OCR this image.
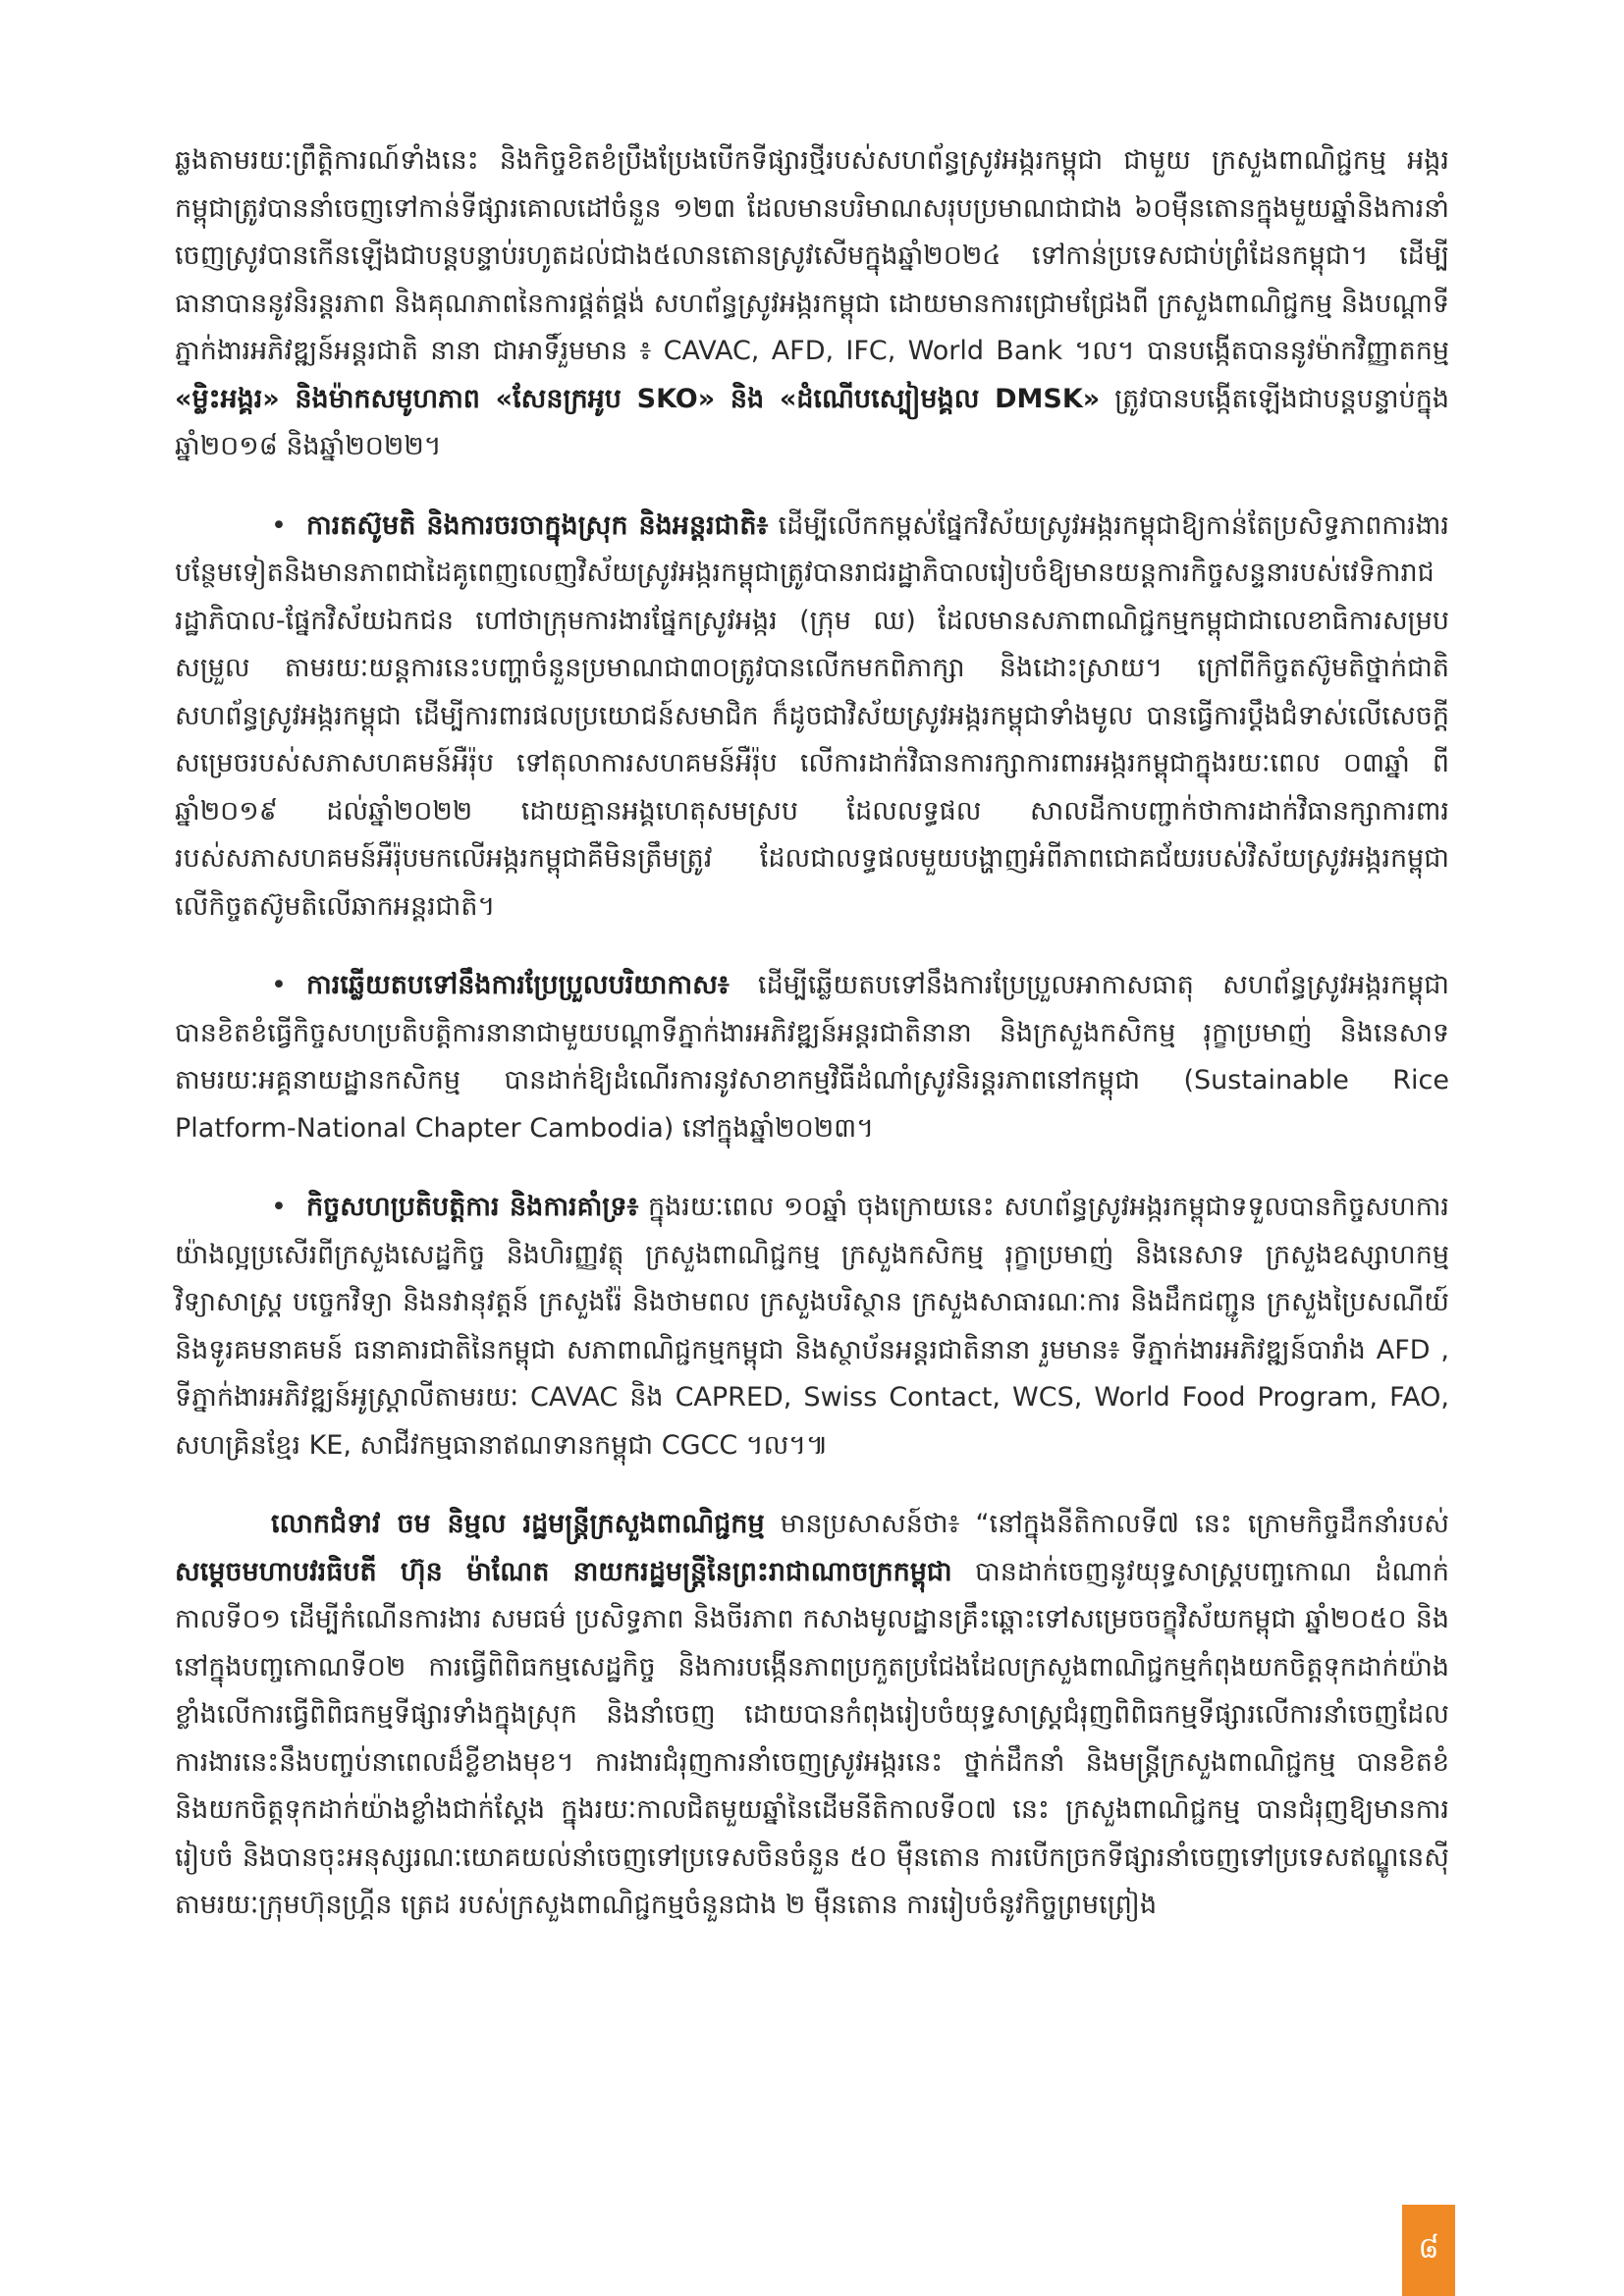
ឆ្លងតាមរយៈព្រឹត្តិការណ៍ទាំងនេះ និងកិច្ចខិតខំប្រឹងប្រែងបើកទីផ្សារថ្មីរបស់សហព័ន្ធស្រូវអង្ករកម្ពុជា ជាមួយ ក្រសួងពាណិជ្ជកម្ម អង្ករកម្ពុជាត្រូវបាននាំចេញទៅកាន់ទីផ្សារគោលដៅចំនួន ១២៣ ដែលមានបរិមាណសរុបប្រមាណជាជាង ៦០ម៉ឺនតោនក្នុងមួយឆ្នាំនិងការនាំចេញស្រូវបានកើនឡើងជាបន្តបន្ទាប់រហូតដល់ជាង៥លានតោនស្រូវសើមក្នុងឆ្នាំ២០២៤ ទៅកាន់ប្រទេសជាប់ព្រំដែនកម្ពុជា។ ដើម្បីធានាបាននូវនិរន្តរភាព និងគុណភាពនៃការផ្គត់ផ្គង់ សហព័ន្ធស្រូវអង្ករកម្ពុជា ដោយមានការជ្រោមជ្រែងពី ក្រសួងពាណិជ្ជកម្ម និងបណ្ដាទីភ្នាក់ងារអភិវឌ្ឍន៍អន្តរជាតិ នានា ជាអាទិ៍រួមមាន ៖ CAVAC, AFD, IFC, World Bank ។ល។ បានបង្កើតបាននូវម៉ាកវិញ្ញាតកម្ម «ម្លិះអង្គរ» និងម៉ាកសមូហភាព «សែនក្រអូប SKO» និង «ដំណើបស្បៀមង្គល DMSK» ត្រូវបានបង្កើតឡើងជាបន្តបន្ទាប់ក្នុងឆ្នាំ២០១៨ និងឆ្នាំ២០២២។

• ការតស៊ូមតិ និងការចរចាក្នុងស្រុក និងអន្តរជាតិ៖ ដើម្បីលើកកម្ពស់ផ្នែកវិស័យស្រូវអង្ករកម្ពុជាឱ្យកាន់តែប្រសិទ្ធភាពការងារបន្ថែមទៀតនិងមានភាពជាដៃគូពេញលេញវិស័យស្រូវអង្ករកម្ពុជាត្រូវបានរាជរដ្ឋាភិបាលរៀបចំឱ្យមានយន្តការកិច្ចសន្ទនារបស់វេទិការាជរដ្ឋាភិបាល-ផ្នែកវិស័យឯកជន ហៅថាក្រុមការងារផ្នែកស្រូវអង្ករ (ក្រុម ឈ) ដែលមានសភាពាណិជ្ជកម្មកម្ពុជាជាលេខាធិការសម្របសម្រួល តាមរយៈយន្តការនេះបញ្ហាចំនួនប្រមាណជា៣០ត្រូវបានលើកមកពិភាក្សា និងដោះស្រាយ។ ក្រៅពីកិច្ចតស៊ូមតិថ្នាក់ជាតិ សហព័ន្ធស្រូវអង្ករកម្ពុជា ដើម្បីការពារផលប្រយោជន៍សមាជិក ក៏ដូចជាវិស័យស្រូវអង្ករកម្ពុជាទាំងមូល បានធ្វើការប្ដឹងជំទាស់លើសេចក្ដីសម្រេចរបស់សភាសហគមន៍អឺរ៉ុប ទៅតុលាការសហគមន៍អឺរ៉ុប លើការដាក់វិធានការក្សាការពារអង្ករកម្ពុជាក្នុងរយៈពេល ០៣ឆ្នាំ ពីឆ្នាំ២០១៩ ដល់ឆ្នាំ២០២២ ដោយគ្មានអង្គហេតុសមស្រប ដែលលទ្ធផល សាលដីកាបញ្ជាក់ថាការដាក់វិធានក្សាការពាររបស់សភាសហគមន៍អឺរ៉ុបមកលើអង្ករកម្ពុជាគឺមិនត្រឹមត្រូវ ដែលជាលទ្ធផលមួយបង្ហាញអំពីភាពជោគជ័យរបស់វិស័យស្រូវអង្ករកម្ពុជាលើកិច្ចតស៊ូមតិលើឆាកអន្តរជាតិ។

• ការឆ្លើយតបទៅនឹងការប្រែប្រួលបរិយាកាស៖ ដើម្បីឆ្លើយតបទៅនឹងការប្រែប្រួលអាកាសធាតុ សហព័ន្ធស្រូវអង្ករកម្ពុជាបានខិតខំធ្វើកិច្ចសហប្រតិបត្តិការនានាជាមួយបណ្ដាទីភ្នាក់ងារអភិវឌ្ឍន៍អន្តរជាតិនានា និងក្រសួងកសិកម្ម រុក្ខាប្រមាញ់ និងនេសាទ តាមរយៈអគ្គនាយដ្ឋានកសិកម្ម បានដាក់ឱ្យដំណើរការនូវសាខាកម្មវិធីដំណាំស្រូវនិរន្តរភាពនៅកម្ពុជា (Sustainable Rice Platform-National Chapter Cambodia) នៅក្នុងឆ្នាំ២០២៣។

• កិច្ចសហប្រតិបត្តិការ និងការគាំទ្រ៖ ក្នុងរយៈពេល ១០ឆ្នាំ ចុងក្រោយនេះ សហព័ន្ធស្រូវអង្ករកម្ពុជាទទួលបានកិច្ចសហការយ៉ាងល្អប្រសើរពីក្រសួងសេដ្ឋកិច្ច និងហិរញ្ញវត្ថុ ក្រសួងពាណិជ្ជកម្ម ក្រសួងកសិកម្ម រុក្ខាប្រមាញ់ និងនេសាទ ក្រសួងឧស្សាហកម្ម វិទ្យាសាស្ត្រ បច្ចេកវិទ្យា និងនវានុវត្តន៍ ក្រសួងរ៉ែ និងថាមពល ក្រសួងបរិស្ថាន ក្រសួងសាធារណៈការ និងដឹកជញ្ជូន ក្រសួងប្រៃសណីយ៍ និងទូរគមនាគមន៍ ធនាគារជាតិនៃកម្ពុជា សភាពាណិជ្ជកម្មកម្ពុជា និងស្ថាប័នអន្តរជាតិនានា រួមមាន៖ ទីភ្នាក់ងារអភិវឌ្ឍន៍បារាំង AFD , ទីភ្នាក់ងារអភិវឌ្ឍន៍អូស្ត្រាលីតាមរយៈ CAVAC និង CAPRED, Swiss Contact, WCS, World Food Program, FAO, សហគ្រិនខ្មែរ KE, សាជីវកម្មធានាឥណទានកម្ពុជា CGCC ។ល។៕

លោកជំទាវ ចម និម្មល រដ្ឋមន្ត្រីក្រសួងពាណិជ្ជកម្ម មានប្រសាសន៍ថា៖ “នៅក្នុងនីតិកាលទី៧ នេះ ក្រោមកិច្ចដឹកនាំរបស់ សម្ដេចមហាបវរធិបតី ហ៊ុន ម៉ាណែត នាយករដ្ឋមន្ត្រីនៃព្រះរាជាណាចក្រកម្ពុជា បានដាក់ចេញនូវយុទ្ធសាស្ត្របញ្ចកោណ ដំណាក់កាលទី០១ ដើម្បីកំណើនការងារ សមធម៌ ប្រសិទ្ធភាព និងចីរភាព កសាងមូលដ្ឋានគ្រឹះឆ្ពោះទៅសម្រេចចក្ខុវិស័យកម្ពុជា ឆ្នាំ២០៥០ និងនៅក្នុងបញ្ចកោណទី០២ ការធ្វើពិពិធកម្មសេដ្ឋកិច្ច និងការបង្កើនភាពប្រកួតប្រជែងដែលក្រសួងពាណិជ្ជកម្មកំពុងយកចិត្តទុកដាក់យ៉ាងខ្លាំងលើការធ្វើពិពិធកម្មទីផ្សារទាំងក្នុងស្រុក និងនាំចេញ ដោយបានកំពុងរៀបចំយុទ្ធសាស្ត្រជំរុញពិពិធកម្មទីផ្សារលើការនាំចេញដែលការងារនេះនឹងបញ្ចប់នាពេលដ៏ខ្លីខាងមុខ។ ការងារជំរុញការនាំចេញស្រូវអង្ករនេះ ថ្នាក់ដឹកនាំ និងមន្ត្រីក្រសួងពាណិជ្ជកម្ម បានខិតខំ និងយកចិត្តទុកដាក់យ៉ាងខ្លាំងជាក់ស្ដែង ក្នុងរយៈកាលជិតមួយឆ្នាំនៃដើមនីតិកាលទី០៧ នេះ ក្រសួងពាណិជ្ជកម្ម បានជំរុញឱ្យមានការរៀបចំ និងបានចុះអនុស្សរណៈយោគយល់នាំចេញទៅប្រទេសចិនចំនួន ៥០ ម៉ឺនតោន ការបើកច្រកទីផ្សារនាំចេញទៅប្រទេសឥណ្ឌូនេស៊ីតាមរយៈក្រុមហ៊ុនហ្គ្រីន ត្រេដ របស់ក្រសួងពាណិជ្ជកម្មចំនួនជាង ២ ម៉ឺនតោន ការរៀបចំនូវកិច្ចព្រមព្រៀង

៨
